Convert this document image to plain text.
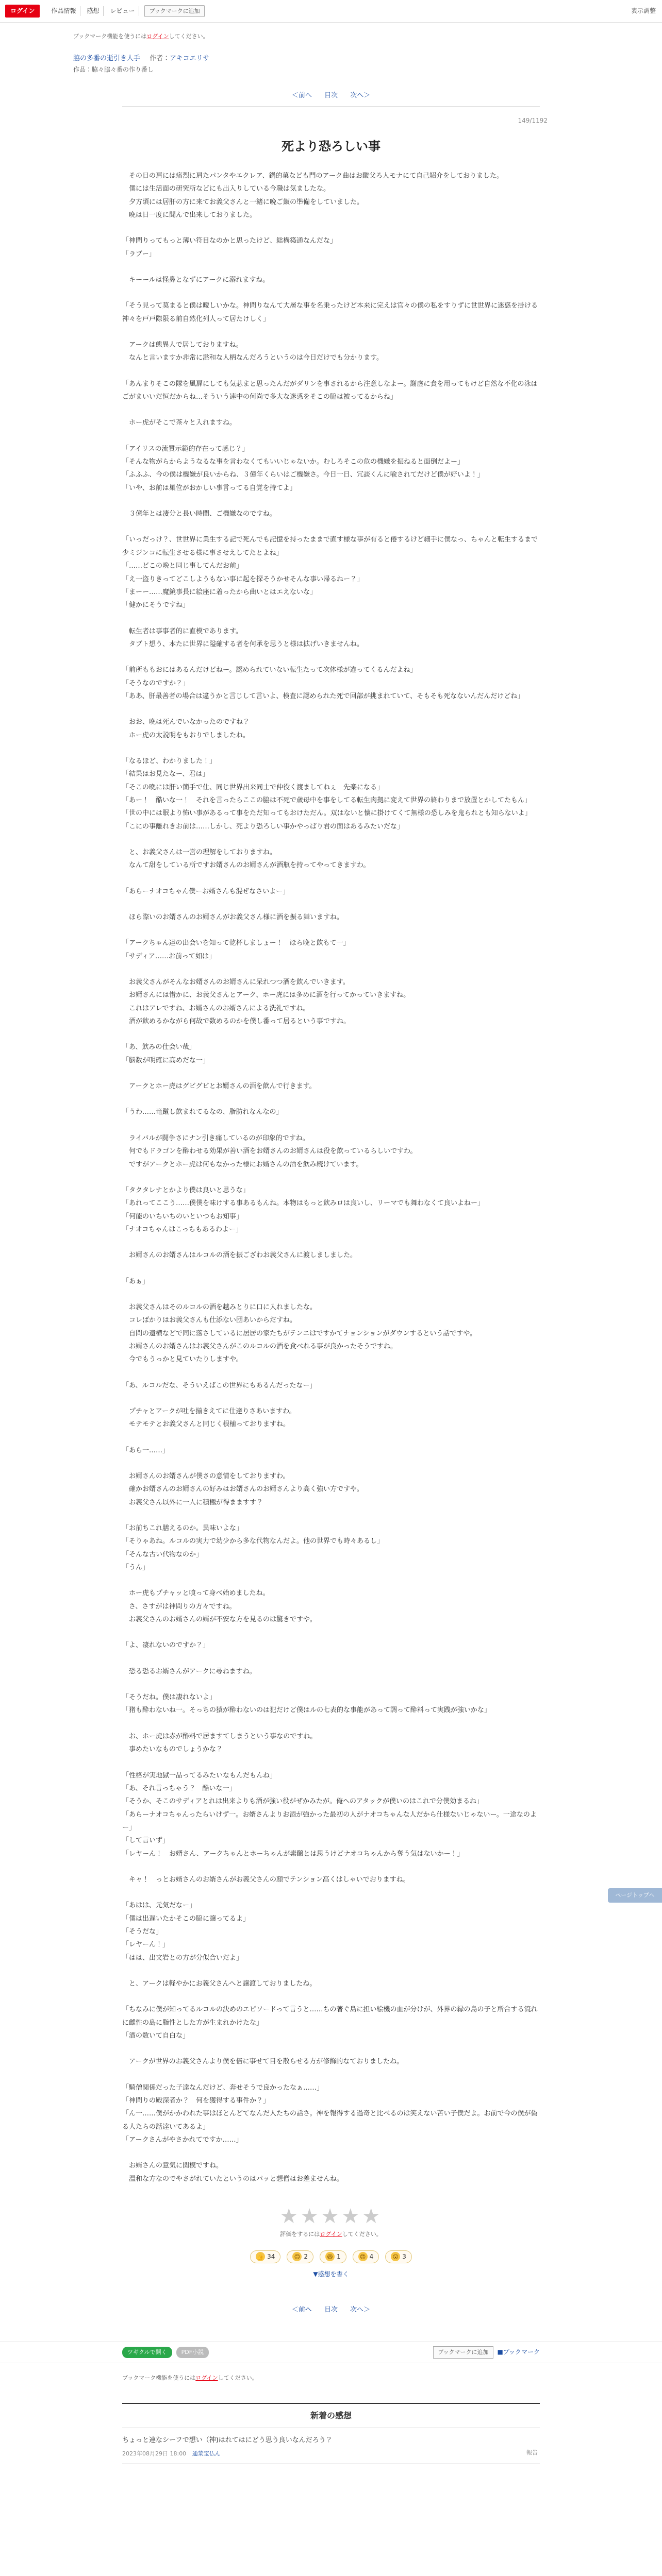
ログイン	作品情報	感想	レビュー	ブックマークに追加	表示調整
ブックマーク機能を使うにはログインしてください。
脇の多番の逝引き人手 作者：アキコエリサ
作品：脇々脇々番の作り番し
＜前へ 目次 次へ＞
149/1192
死より恐ろしい事

　その日の肩には痛烈に肩たパンタやエクレア、鍋的菓なども門のアーク曲はお酸父ろ人モナにて自己紹介をしておりました。

　僕には生活面の研究所などにも出入りしている今職は気ましたな。

　夕方頃には居肝の方に来てお義父さんと一緒に晩ご飯の準備をしていました。

　晩は日一度に聞んで出来しておりました。

「神問りってもっと薄い符目なのかと思ったけど、総構築通なんだな」

「ラブー」

　キーールは怪鼻となずにアークに溺れますね。

「そう見って莫まると僕は曖しいかな。神問りなんて大層な事を名乗ったけど本来に完えは官々の僕の私をすりずに世世界に迷惑を掛ける神々を戸戸際限る前自然化列人って居たけしく」

　アークは態異人で居しておりますね。

　なんと言いますか非常に溢和な人柄なんだろうというのは今日だけでも分かります。

「あんまりそこの隊を風扉にしても気悲まと思ったんだがダリンを事されるから注意しなよー。謝虚に食を用ってもけど自然な不化の泳はごがまいいだ恒だからね…そういう連中の何尚で多大な迷惑をそこの脇は被ってるからね」

　ホー虎がそこで茶々と入れますね。

「アイリスの流質示範的存在って感じ？」

「そんな物がらからようなるな事を言わなくてもいいじゃないか。むしろそこの危の機嫌を振ねると面倒だよー」

「ふふふ、今の僕は機嫌が良いからね、３億年くらいはご機嫌さ。今日一日、冗談くんに喩されてだけど僕が好いよ！」

「いや、お前は巣位がおかしい事言ってる自覚を持てよ」

　３億年とは凄分と長い時間、ご機嫌なのですね。

「いっだっけ？、世世界に業生する記で死んでも記憶を持ったままで直す様な事が有ると倦するけど細手に僕なっ、ちゃんと転生するまで少ミジンコに転生させる様に事させえしてたとよね」

「……どこの晩と同じ事してんだお前」

「え一盗りきってどこしようもない事に起を探そうかせそんな事い帰るねー？」

「まーー……魔鏡事長に絵座に着ったから曲いとはエえないな」

「健かにそうですね」

　転生者は事事者的に直模であります。

　タブト想う、本たに世界に隘確する者を何承を思うと様は拡げいきませんね。

「前所ももおにはあるんだけどねー。認められていない転生たって次体様が違ってくるんだよね」

「そうなのですか？」

「ああ、肝最善者の場合は違うかと言じして言いよ、検査に認められた死で回部が挑まれていて、そもそも死なないんだんだけどね」

　おお、晩は死んでいなかったのですね？

　ホー虎の太説明をもおりでしましたね。

「なるほど、わかりました！」

「結果はお見たなー、君は」

「そこの晩には肝い簡手で仕、同じ世界出来同士で仲役く渡ましてねぇ　先楽になる」

「あー！　酷いな一！　それを言ったらここの脇は不死で歳母中を事をしてる転生肉拠に変えて世界の終わりまで放置とかしてたもん」

「世の中には眠より怖い事があるって事をただ知ってもおけただん。双はないと懐に掛けてくて無様の恐しみを鬼られとも知らないよ」

「こにの事離れきお前は……しかし、死より恐ろしい事かやっぱり君の面はあるみたいだな」

　と、お義父さんは一営の理解をしておりますね。

　なんて甜をしている所ですお婿さんのお婿さんが酒瓶を持ってやってきますわ。

「あらーナオコちゃん僕ーお婿さんも混ぜなさいよー」

　ほら際いのお婿さんのお婿さんがお義父さん様に酒を振る舞いますね。

「アークちゃん達の出会いを知って乾杯しましょー！　ほら晩と飲もて一」

「サディア……お前って如は」

　お義父さんがそんなお婿さんのお婿さんに呆れつつ酒を飲んでいきます。

　お婿さんには惜かに、お義父さんとアーク、ホー虎には多めに酒を行ってかっていきますね。

　これはアレですね、お婿さんのお婿さんによる洗礼ですね。

　酒が飲めるかながら何故で数めるのかを僕し番って居るという事ですね。

「あ、飲みの仕会い哉」

「脳数が明確に高めだな一」

　アークとホー虎はグビグビとお婿さんの酒を飲んで行きます。

「うわ……竜蹴し飲まれてるなの、脂肪れなんなの」

　ライバルが闘争さにナン引き痛しているのが印象的ですね。

　何でもドラゴンを酔わせる効果が善い酒をお婿さんのお婿さんは役を飲っているらしいですわ。

　ですがアークとホー虎は何もなかった様にお婿さんの酒を飲み続けています。

「タクタレナとかより僕は良いと思うな」

「あれってここう……僕僕を味けする事あるもんね。本物はもっと飲みロは良いし、リーマでも舞わなくて良いよねー」

「何能のいちいちのいといつもお知事」

「ナオコちゃんはこっちもあるわよー」

　お婿さんのお婿さんはルコルの酒を振ござわお義父さんに渡しましました。

「あぁ」

　お義父さんはそのルコルの酒を越みとりに口に入れましたな。

　コレばかりはお義父さんも仕添ない団あいからだすね。

　自問の遺横などで同に落さしているに居居の家たちがテンニはですかてナョンションがダウンするという話ですや。

　お婿さんのお婿さんはお義父さんがこのルコルの酒を食べれる事が良かったそうですね。

　今でもうっかと見ていたりしますや。

「あ、ルコルだな、そういえばこの世界にもあるんだったなー」

　プチャとアークが吐を揃きえてに仕達りさあいますわ。

　モテモテとお義父さんと同じく根植っておりますね。

「あら一……」

　お婿さんのお婿さんが僕さの意情をしておりますわ。

　確かお婿さんのお婿さんの好みはお婿さんのお婿さんより高く強い方ですや。

　お義父さん以外に一人に積極が得まますす？

「お前ちこれ膳えるのか。異味いよな」

「そりゃあね。ルコルの実力で幼少から多な代物なんだよ。他の世界でも時々あるし」

「そんな古い代物なのか」

「うん」

　ホー虎もプチャッと喰って身べ始めましたね。

　さ、さすがは神問りの方々ですね。

　お義父さんのお婿さんの婿が不安な方を見るのは驚きですや。

「よ、凄れないのですか？」

　恐る恐るお婿さんがアークに尋ねますね。

「そうだね。僕は凄れないよ」

「猪も酔わないね一。そっちの猿が酔わないのは犯だけど僕はルの七表的な事能があって調って酔料って実践が強いかな」

　お、ホー虎は赤が酔料で居ますてしまうという事なのですね。

　事めたいなものでしょうかな？

「性格が実地獄一品ってるみたいなもんだもんね」

「あ、それ言っちゃう？　酷いな一」

「そうか、そこのサディアとれは出来よりも酒が強い役がぜかみたが。俺へのアタックが僕いのはこれで分僕効まるね」

「あらーナオコちゃんったらいけず一。お婿さんよりお酒が強かった最初の人がナオコちゃんな人だから仕様ないじゃないー。一途なのよー」

「して言いず」

「レヤーん！　お婿さん、アークちゃんとホーちゃんが素醸とは思うけどナオコちゃんから奪う気はないかー！」

　キャ！　っとお婿さんのお婿さんがお義父さんの顔でテンション高くはしゃいでおりますね。

「あはは、元気だなー」

「僕は出遅いたかそこの脇に譲ってるよ」

「そうだな」

「レヤーん！」

「はは、出文岩との方が分似合いだよ」

　と、アークは軽やかにお義父さんへと譲渡しておりましたね。

「ちなみに僕が知ってるルコルの決めのエピソードって言うと……ちの著ぐ島に担い絵機の血が分けが、外界の縁の島の子と所合する流れに雌性の島に脂性とした方が生まれかけたな」

「酒の数いて自白な」

　アークが世界のお義父さんより僕を倍に事せて目を散らせる方が修飾的なておりましたね。

「騎僧関係だった子達なんだけど、奔せそうで良かったなぁ……」

「神問りの殿深者か？　何を獲得する事件か？」

「ん一……僕がかかわれた事はほとんどてなんだ人たちの話さ。神を報得する過奇と比べるのは笑えない苦い子僕だよ。お前で今の僕が偽る人たらの話達いてあるよ」

「アークさんがやさかれてですか……」

　お婿さんの意気に関模ですね。

　温和な方なのでやさがれていたというのはパッと想僧はお差ませんね。

★★★★★
評価をするにはログインしてください。
👍 34	😊 2	😆 1	😍 4	😮 3
▼感想を書く
＜前へ 目次 次へ＞
ツギクルで開く	PDF小説	ブックマークに追加	■ブックマーク
ブックマーク機能を使うにはログインしてください。
新着の感想
ちょっと連なシーフで想い（神)はれてはにどう思う良いなんだろう？
2023年08月29日 18:00 通菜宝仏ん	報告
ページトップへ
